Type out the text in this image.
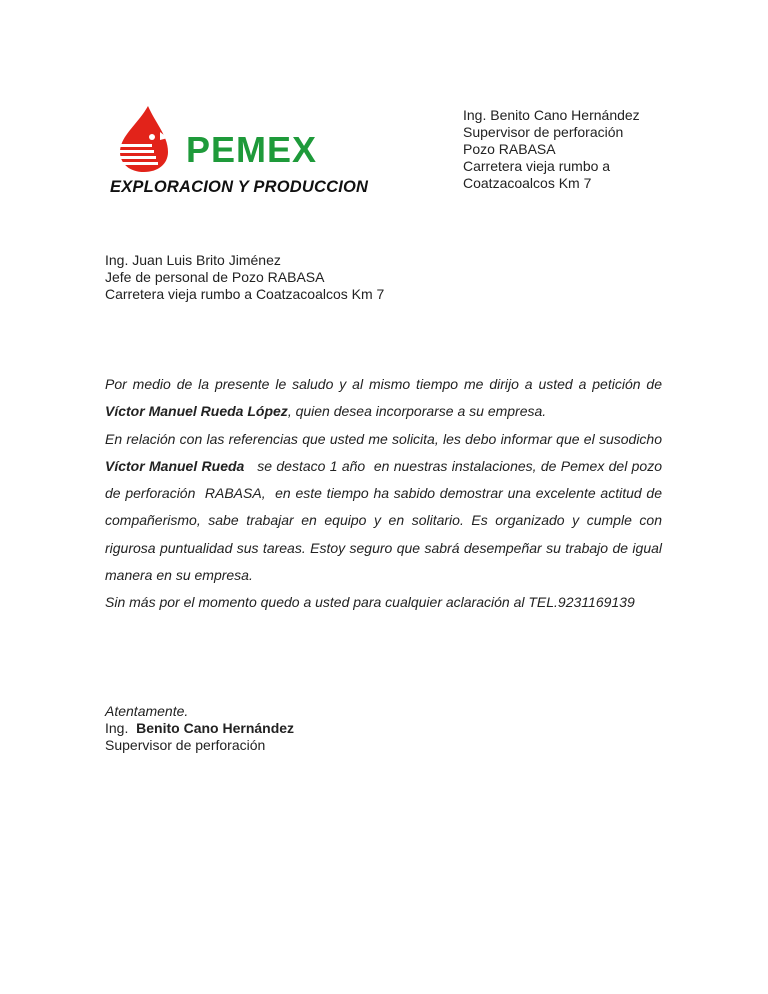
PEMEX
EXPLORACION Y PRODUCCION
Ing. Benito Cano Hernández
Supervisor de perforación
Pozo RABASA
Carretera vieja rumbo a
Coatzacoalcos Km 7
Ing. Juan Luis Brito Jiménez
Jefe de personal de Pozo RABASA
Carretera vieja rumbo a Coatzacoalcos Km 7

Por medio de la presente le saludo y al mismo tiempo me dirijo a usted a petición de Víctor Manuel Rueda López, quien desea incorporarse a su empresa.

En relación con las referencias que usted me solicita, les debo informar que el susodicho Víctor Manuel Rueda   se destaco 1 año  en nuestras instalaciones, de Pemex del pozo de perforación  RABASA,  en este tiempo ha sabido demostrar una excelente actitud de compañerismo, sabe trabajar en equipo y en solitario. Es organizado y cumple con rigurosa puntualidad sus tareas. Estoy seguro que sabrá desempeñar su trabajo de igual manera en su empresa.

Sin más por el momento quedo a usted para cualquier aclaración al TEL.9231169139

Atentamente.
Ing.  Benito Cano Hernández
Supervisor de perforación
